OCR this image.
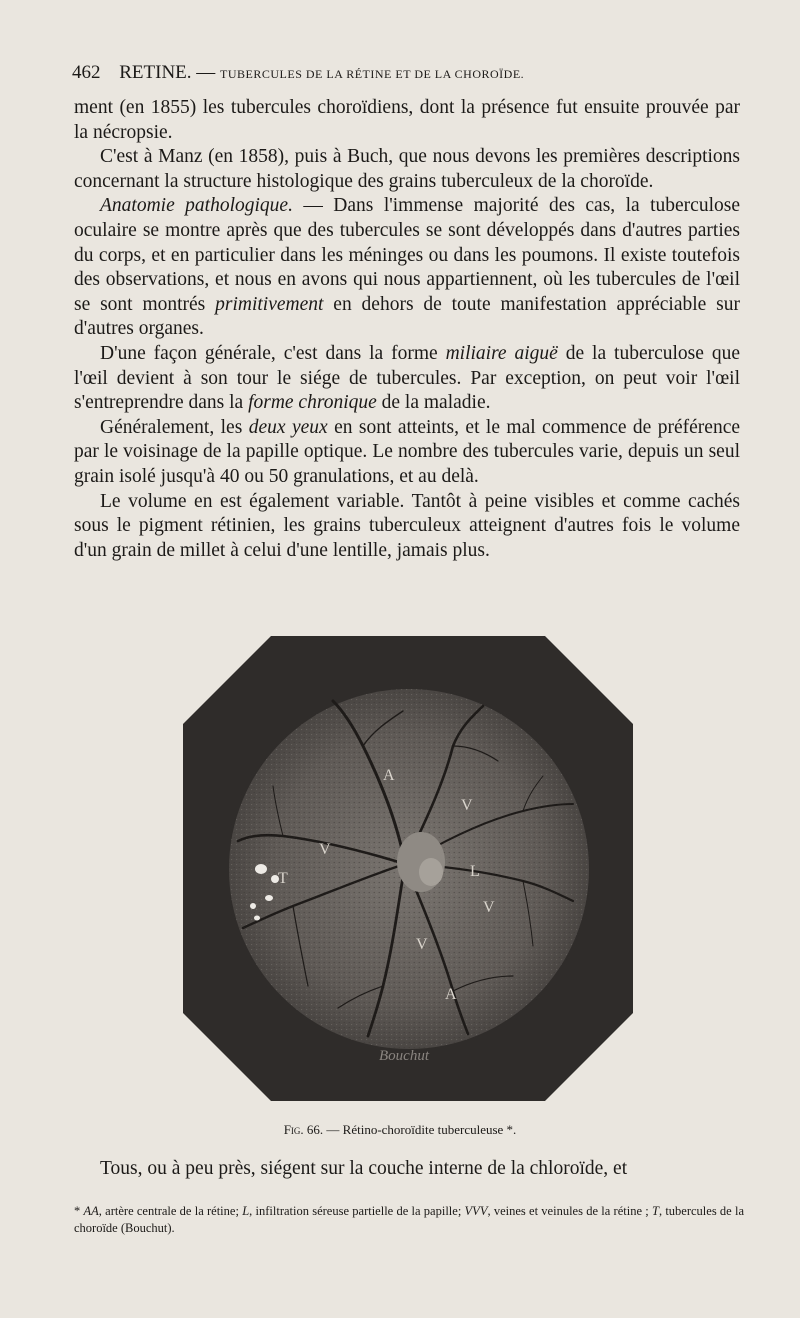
462 RETINE. — TUBERCULES DE LA RÉTINE ET DE LA CHOROÏDE.

ment (en 1855) les tubercules choroïdiens, dont la présence fut ensuite prouvée par la nécropsie.

C'est à Manz (en 1858), puis à Buch, que nous devons les premières descriptions concernant la structure histologique des grains tuberculeux de la choroïde.

Anatomie pathologique. — Dans l'immense majorité des cas, la tuberculose oculaire se montre après que des tubercules se sont développés dans d'autres parties du corps, et en particulier dans les méninges ou dans les poumons. Il existe toutefois des observations, et nous en avons qui nous appartiennent, où les tubercules de l'œil se sont montrés primitivement en dehors de toute manifestation appréciable sur d'autres organes.

D'une façon générale, c'est dans la forme miliaire aiguë de la tuberculose que l'œil devient à son tour le siége de tubercules. Par exception, on peut voir l'œil s'entreprendre dans la forme chronique de la maladie.

Généralement, les deux yeux en sont atteints, et le mal commence de préférence par le voisinage de la papille optique. Le nombre des tubercules varie, depuis un seul grain isolé jusqu'à 40 ou 50 granulations, et au delà.

Le volume en est également variable. Tantôt à peine visibles et comme cachés sous le pigment rétinien, les grains tuberculeux atteignent d'autres fois le volume d'un grain de millet à celui d'une lentille, jamais plus.

A
V
V
T	L
V
V
A
Bouchut
Fig. 66. — Rétino-choroïdite tuberculeuse *.
Tous, ou à peu près, siégent sur la couche interne de la chloroïde, et
* AA, artère centrale de la rétine; L, infiltration séreuse partielle de la papille; VVV, veines et veinules de la rétine ; T, tubercules de la choroïde (Bouchut).
